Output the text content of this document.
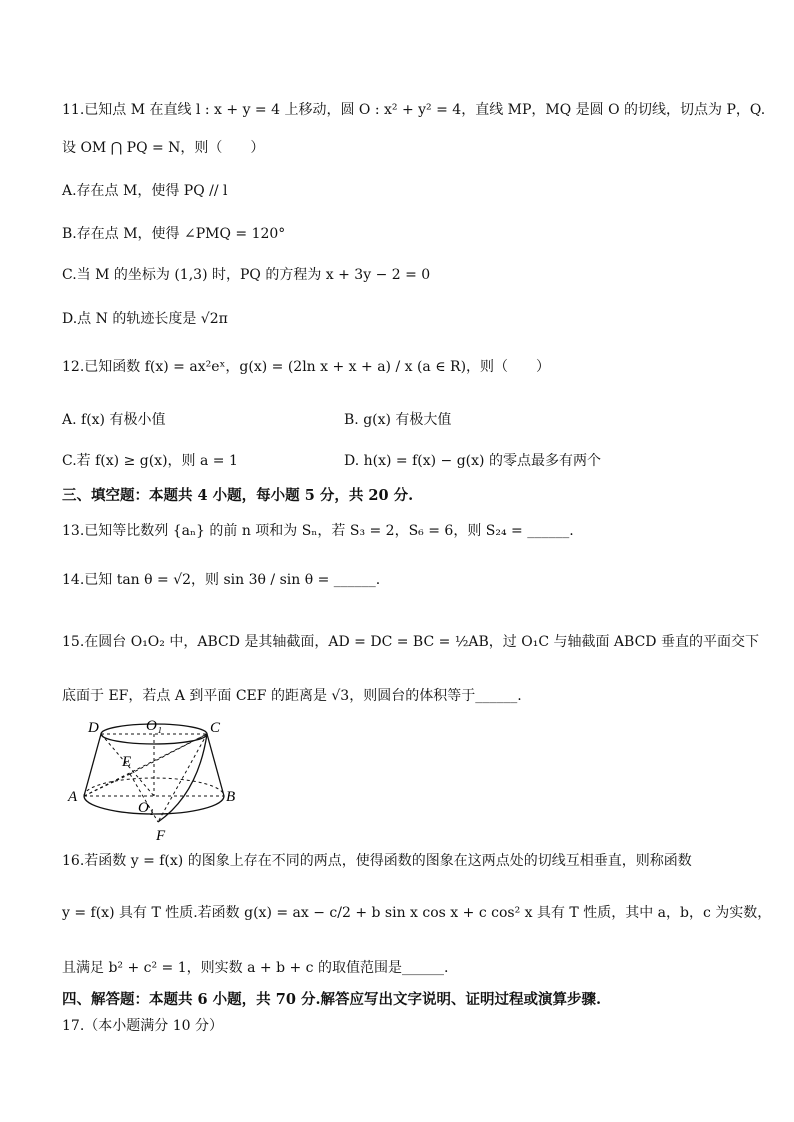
11.已知点 M 在直线 l : x + y = 4 上移动，圆 O : x² + y² = 4，直线 MP，MQ 是圆 O 的切线，切点为 P，Q.
设 OM ⋂ PQ = N，则（　　）
A.存在点 M，使得 PQ // l
B.存在点 M，使得 ∠PMQ = 120°
C.当 M 的坐标为 (1,3) 时，PQ 的方程为 x + 3y − 2 = 0
D.点 N 的轨迹长度是 √2π
12.已知函数 f(x) = ax²eˣ，g(x) = (2ln x + x + a) / x (a ∈ R)，则（　　）
A. f(x) 有极小值	B. g(x) 有极大值
C.若 f(x) ≥ g(x)，则 a = 1	D. h(x) = f(x) − g(x) 的零点最多有两个
三、填空题：本题共 4 小题，每小题 5 分，共 20 分.
13.已知等比数列 {aₙ} 的前 n 项和为 Sₙ，若 S₃ = 2，S₆ = 6，则 S₂₄ = ______.
14.已知 tan θ = √2，则 sin 3θ / sin θ = ______.
15.在圆台 O₁O₂ 中，ABCD 是其轴截面，AD = DC = BC = ½AB，过 O₁C 与轴截面 ABCD 垂直的平面交下
底面于 EF，若点 A 到平面 CEF 的距离是 √3，则圆台的体积等于______.
D	O₁	C
E
A
O₁
B
F
16.若函数 y = f(x) 的图象上存在不同的两点，使得函数的图象在这两点处的切线互相垂直，则称函数
y = f(x) 具有 T 性质.若函数 g(x) = ax − c/2 + b sin x cos x + c cos² x 具有 T 性质，其中 a，b，c 为实数，
且满足 b² + c² = 1，则实数 a + b + c 的取值范围是______.
四、解答题：本题共 6 小题，共 70 分.解答应写出文字说明、证明过程或演算步骤.
17.（本小题满分 10 分）
